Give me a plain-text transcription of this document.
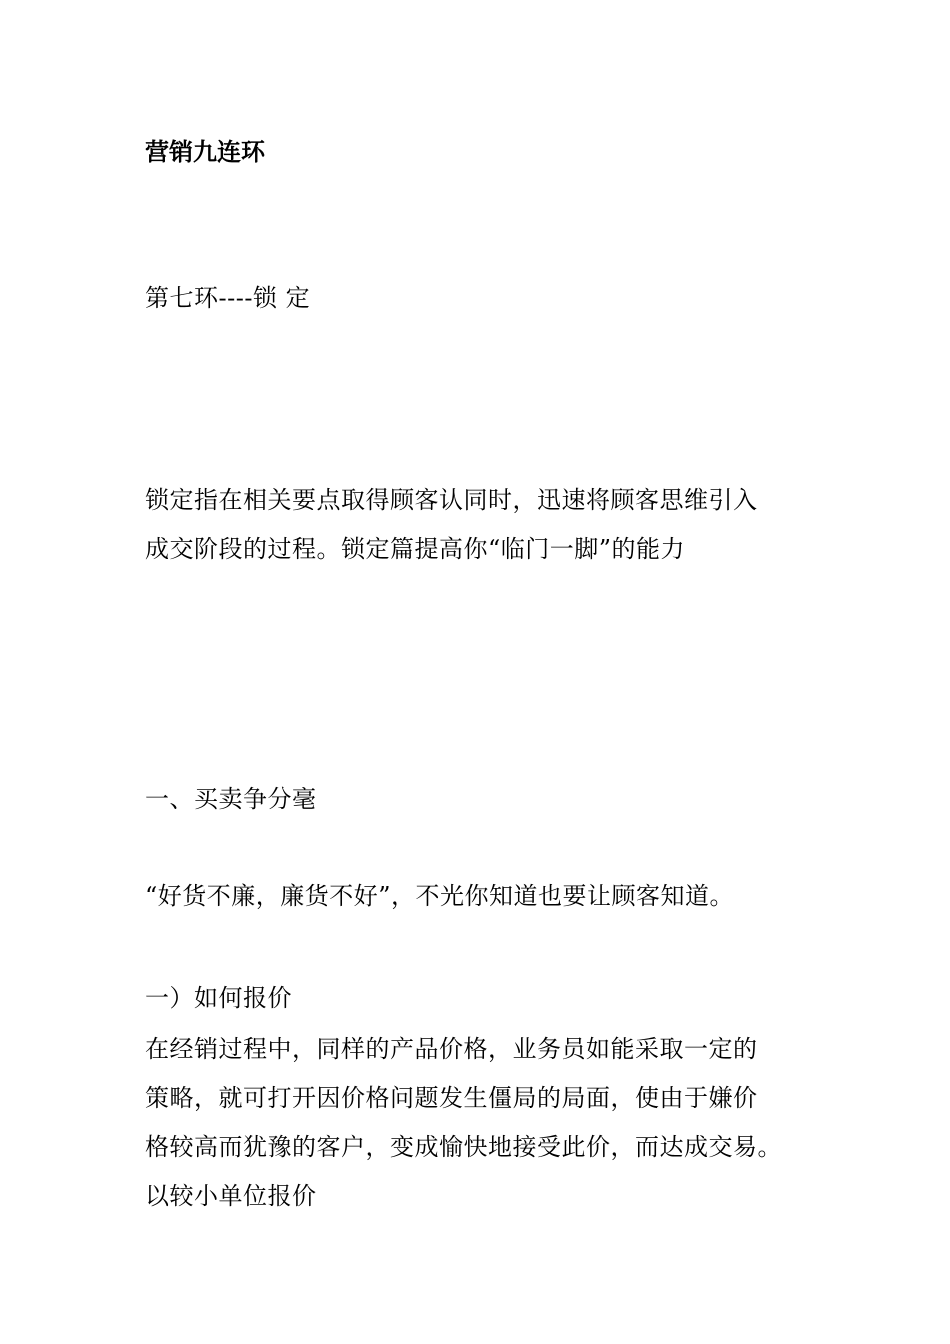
营销九连环
第七环----锁 定
锁定指在相关要点取得顾客认同时，迅速将顾客思维引入
成交阶段的过程。锁定篇提高你“临门一脚”的能力
一、买卖争分毫
“好货不廉，廉货不好”，不光你知道也要让顾客知道。
一）如何报价
在经销过程中，同样的产品价格，业务员如能采取一定的
策略，就可打开因价格问题发生僵局的局面，使由于嫌价
格较高而犹豫的客户，变成愉快地接受此价，而达成交易。
以较小单位报价
